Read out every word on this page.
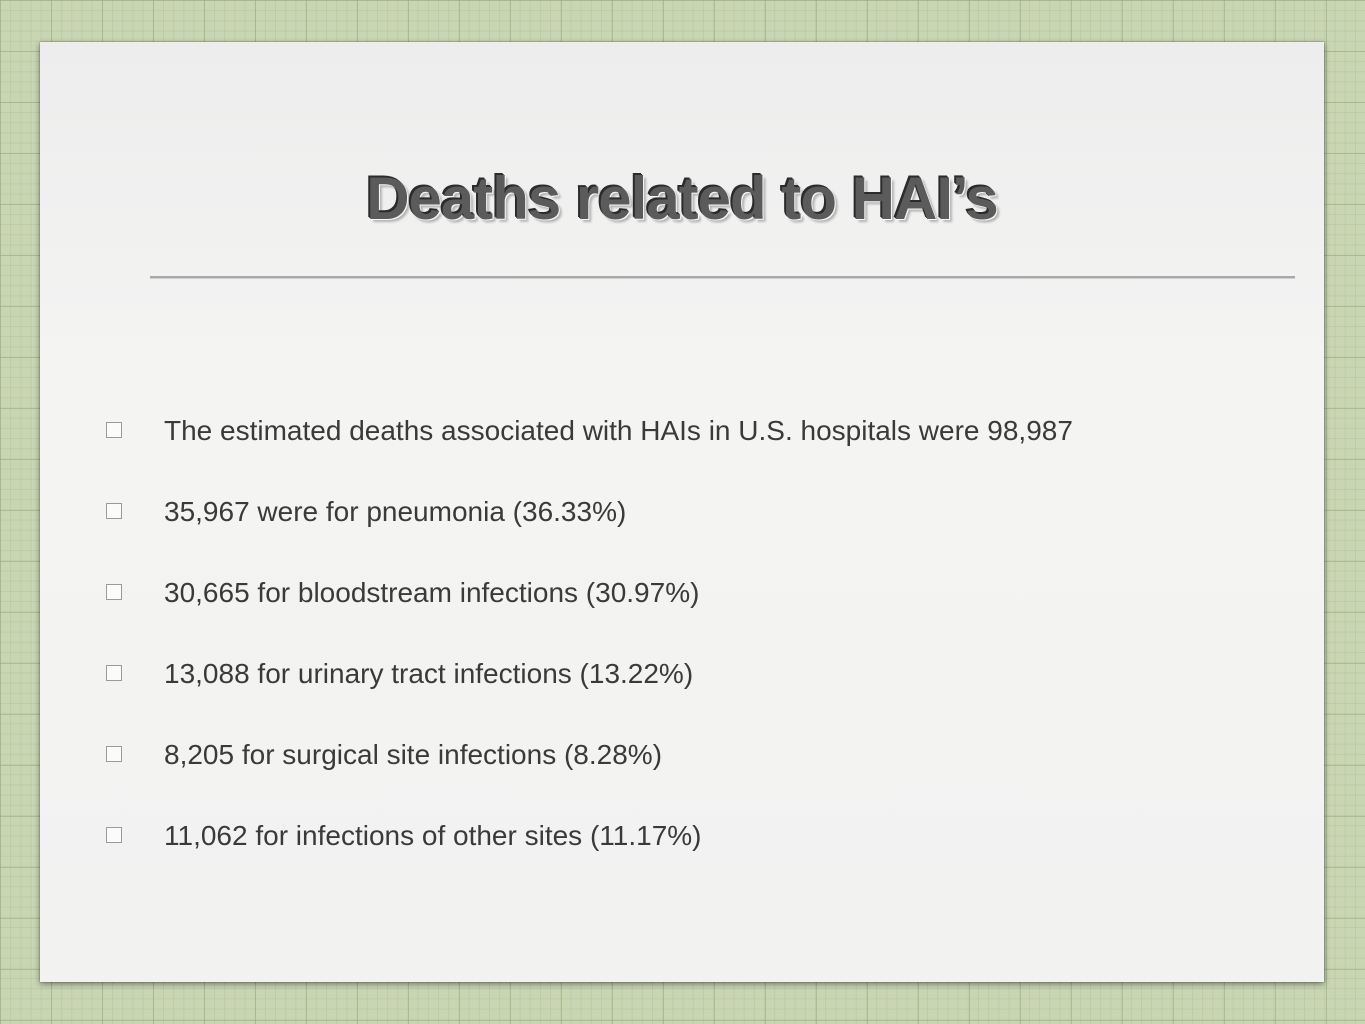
Deaths related to HAI’s
The estimated deaths associated with HAIs in U.S. hospitals were 98,987
35,967 were for pneumonia (36.33%)
30,665 for bloodstream infections (30.97%)
13,088 for urinary tract infections (13.22%)
8,205 for surgical site infections (8.28%)
11,062 for infections of other sites (11.17%)
